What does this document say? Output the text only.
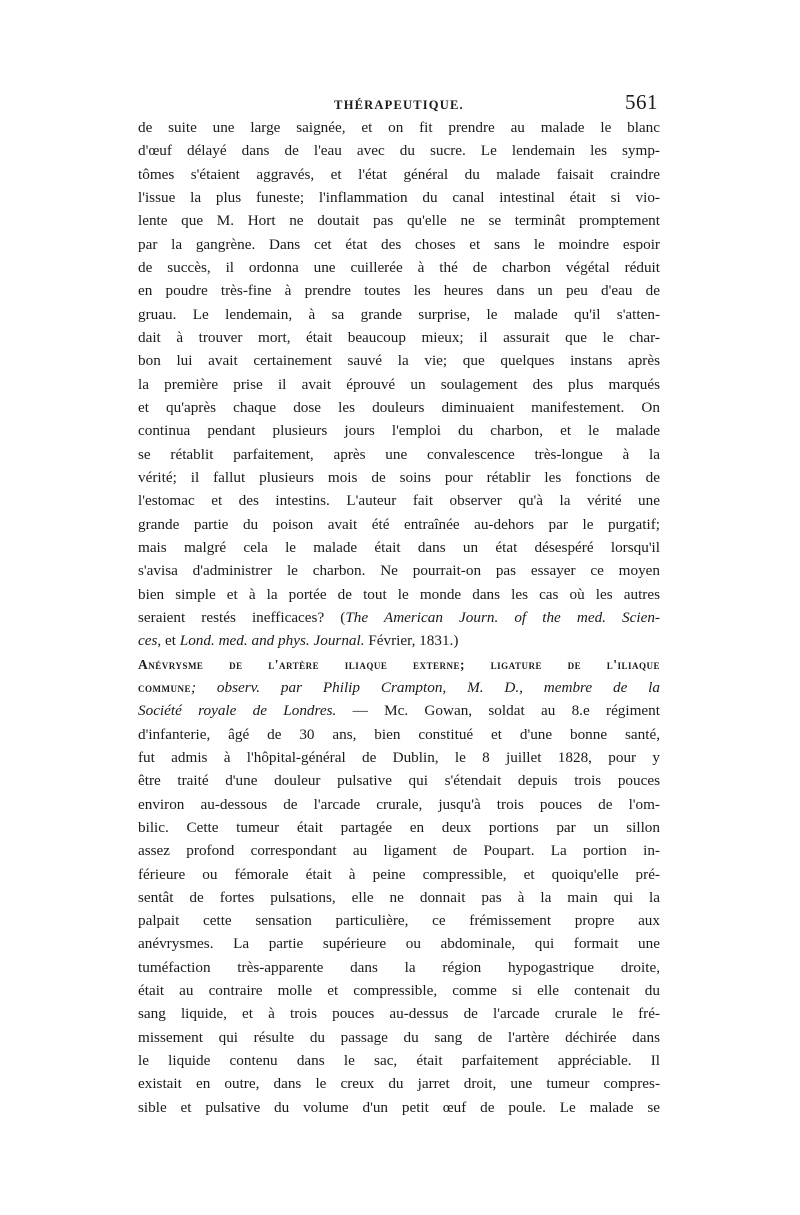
THÉRAPEUTIQUE.	561
de suite une large saignée, et on fit prendre au malade le blanc
d'œuf délayé dans de l'eau avec du sucre. Le lendemain les symp-
tômes s'étaient aggravés, et l'état général du malade faisait craindre
l'issue la plus funeste; l'inflammation du canal intestinal était si vio-
lente que M. Hort ne doutait pas qu'elle ne se terminât promptement
par la gangrène. Dans cet état des choses et sans le moindre espoir
de succès, il ordonna une cuillerée à thé de charbon végétal réduit
en poudre très-fine à prendre toutes les heures dans un peu d'eau de
gruau. Le lendemain, à sa grande surprise, le malade qu'il s'atten-
dait à trouver mort, était beaucoup mieux; il assurait que le char-
bon lui avait certainement sauvé la vie; que quelques instans après
la première prise il avait éprouvé un soulagement des plus marqués
et qu'après chaque dose les douleurs diminuaient manifestement. On
continua pendant plusieurs jours l'emploi du charbon, et le malade
se rétablit parfaitement, après une convalescence très-longue à la
vérité; il fallut plusieurs mois de soins pour rétablir les fonctions de
l'estomac et des intestins. L'auteur fait observer qu'à la vérité une
grande partie du poison avait été entraînée au-dehors par le purgatif;
mais malgré cela le malade était dans un état désespéré lorsqu'il
s'avisa d'administrer le charbon. Ne pourrait-on pas essayer ce moyen
bien simple et à la portée de tout le monde dans les cas où les autres
seraient restés inefficaces? (The American Journ. of the med. Scien-
ces, et Lond. med. and phys. Journal. Février, 1831.)
Anévrysme de l'artère iliaque externe; ligature de l'iliaque
commune; observ. par Philip Crampton, M. D., membre de la
Société royale de Londres. — Mc. Gowan, soldat au 8.e régiment
d'infanterie, âgé de 30 ans, bien constitué et d'une bonne santé,
fut admis à l'hôpital-général de Dublin, le 8 juillet 1828, pour y
être traité d'une douleur pulsative qui s'étendait depuis trois pouces
environ au-dessous de l'arcade crurale, jusqu'à trois pouces de l'om-
bilic. Cette tumeur était partagée en deux portions par un sillon
assez profond correspondant au ligament de Poupart. La portion in-
férieure ou fémorale était à peine compressible, et quoiqu'elle pré-
sentât de fortes pulsations, elle ne donnait pas à la main qui la
palpait cette sensation particulière, ce frémissement propre aux
anévrysmes. La partie supérieure ou abdominale, qui formait une
tuméfaction très-apparente dans la région hypogastrique droite,
était au contraire molle et compressible, comme si elle contenait du
sang liquide, et à trois pouces au-dessus de l'arcade crurale le fré-
missement qui résulte du passage du sang de l'artère déchirée dans
le liquide contenu dans le sac, était parfaitement appréciable. Il
existait en outre, dans le creux du jarret droit, une tumeur compres-
sible et pulsative du volume d'un petit œuf de poule. Le malade se
